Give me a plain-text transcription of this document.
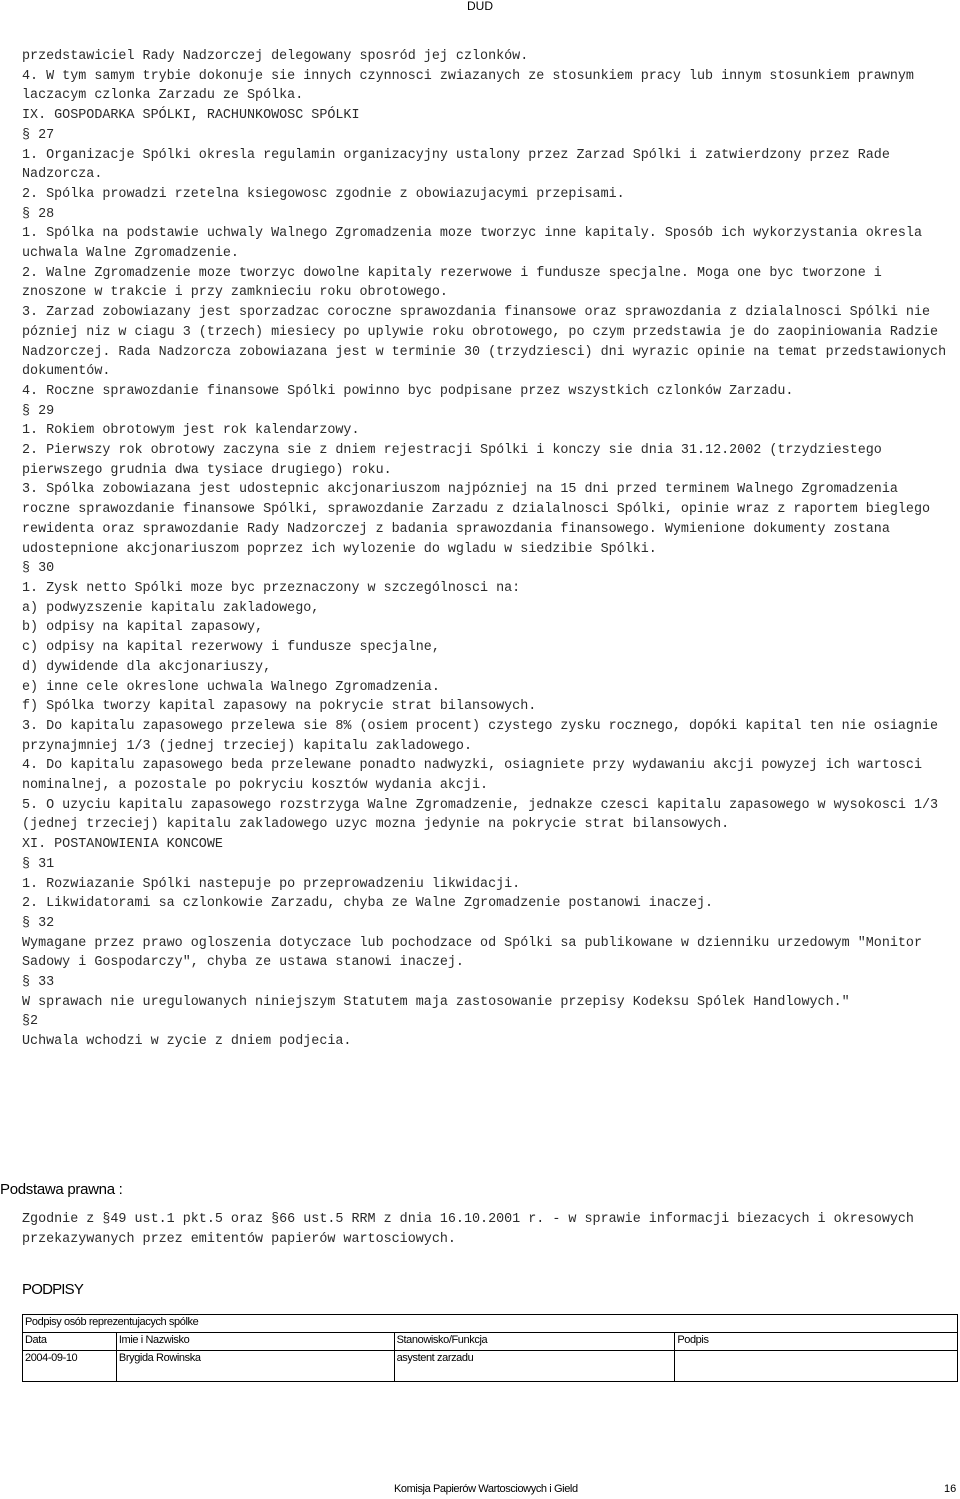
DUD
przedstawiciel Rady Nadzorczej delegowany sposród jej czlonków.
4. W tym samym trybie dokonuje sie innych czynnosci zwiazanych ze stosunkiem pracy lub innym stosunkiem prawnym laczacym czlonka Zarzadu ze Spólka.
IX. GOSPODARKA SPÓLKI, RACHUNKOWOSC SPÓLKI
§ 27
1. Organizacje Spólki okresla regulamin organizacyjny ustalony przez Zarzad Spólki i zatwierdzony przez Rade Nadzorcza.
2. Spólka prowadzi rzetelna ksiegowosc zgodnie z obowiazujacymi przepisami.
§ 28
1. Spólka na podstawie uchwaly Walnego Zgromadzenia moze tworzyc inne kapitaly. Sposób ich wykorzystania okresla uchwala Walne Zgromadzenie.
2. Walne Zgromadzenie moze tworzyc dowolne kapitaly rezerwowe i fundusze specjalne. Moga one byc tworzone i znoszone w trakcie i przy zamknieciu roku obrotowego.
3. Zarzad zobowiazany jest sporzadzac coroczne sprawozdania finansowe oraz sprawozdania z dzialalnosci Spólki nie pózniej niz w ciagu 3 (trzech) miesiecy po uplywie roku obrotowego, po czym przedstawia je do zaopiniowania Radzie Nadzorczej. Rada Nadzorcza zobowiazana jest w terminie 30 (trzydziesci) dni wyrazic opinie na temat przedstawionych dokumentów.
4. Roczne sprawozdanie finansowe Spólki powinno byc podpisane przez wszystkich czlonków Zarzadu.
§ 29
1. Rokiem obrotowym jest rok kalendarzowy.
2. Pierwszy rok obrotowy zaczyna sie z dniem rejestracji Spólki i konczy sie dnia 31.12.2002 (trzydziestego pierwszego grudnia dwa tysiace drugiego) roku.
3. Spólka zobowiazana jest udostepnic akcjonariuszom najpózniej na 15 dni przed terminem Walnego Zgromadzenia roczne sprawozdanie finansowe Spólki, sprawozdanie Zarzadu z dzialalnosci Spólki, opinie wraz z raportem bieglego rewidenta oraz sprawozdanie Rady Nadzorczej z badania sprawozdania finansowego. Wymienione dokumenty zostana udostepnione akcjonariuszom poprzez ich wylozenie do wgladu w siedzibie Spólki.
§ 30
1. Zysk netto Spólki moze byc przeznaczony w szczególnosci na:
a) podwyzszenie kapitalu zakladowego,
b) odpisy na kapital zapasowy,
c) odpisy na kapital rezerwowy i fundusze specjalne,
d) dywidende dla akcjonariuszy,
e) inne cele okreslone uchwala Walnego Zgromadzenia.
f) Spólka tworzy kapital zapasowy na pokrycie strat bilansowych.
3. Do kapitalu zapasowego przelewa sie 8% (osiem procent) czystego zysku rocznego, dopóki kapital ten nie osiagnie przynajmniej 1/3 (jednej trzeciej) kapitalu zakladowego.
4. Do kapitalu zapasowego beda przelewane ponadto nadwyzki, osiagniete przy wydawaniu akcji powyzej ich wartosci nominalnej, a pozostale po pokryciu kosztów wydania akcji.
5. O uzyciu kapitalu zapasowego rozstrzyga Walne Zgromadzenie, jednakze czesci kapitalu zapasowego w wysokosci 1/3 (jednej trzeciej) kapitalu zakladowego uzyc mozna jedynie na pokrycie strat bilansowych.
XI. POSTANOWIENIA KONCOWE
§ 31
1. Rozwiazanie Spólki nastepuje po przeprowadzeniu likwidacji.
2. Likwidatorami sa czlonkowie Zarzadu, chyba ze Walne Zgromadzenie postanowi inaczej.
§ 32
Wymagane przez prawo ogloszenia dotyczace lub pochodzace od Spólki sa publikowane w dzienniku urzedowym "Monitor Sadowy i Gospodarczy", chyba ze ustawa stanowi inaczej.
§ 33
W sprawach nie uregulowanych niniejszym Statutem maja zastosowanie przepisy Kodeksu Spólek Handlowych."
§2
Uchwala wchodzi w zycie z dniem podjecia.
Podstawa prawna :
Zgodnie z §49 ust.1 pkt.5 oraz §66 ust.5 RRM z dnia 16.10.2001 r. - w sprawie informacji biezacych i okresowych przekazywanych przez emitentów papierów wartosciowych.
PODPISY
Podpisy osób reprezentujacych spólke			
Data	Imie i Nazwisko	Stanowisko/Funkcja	Podpis
2004-09-10	Brygida Rowinska	asystent zarzadu	
Komisja Papierów Wartosciowych i Gield	16
